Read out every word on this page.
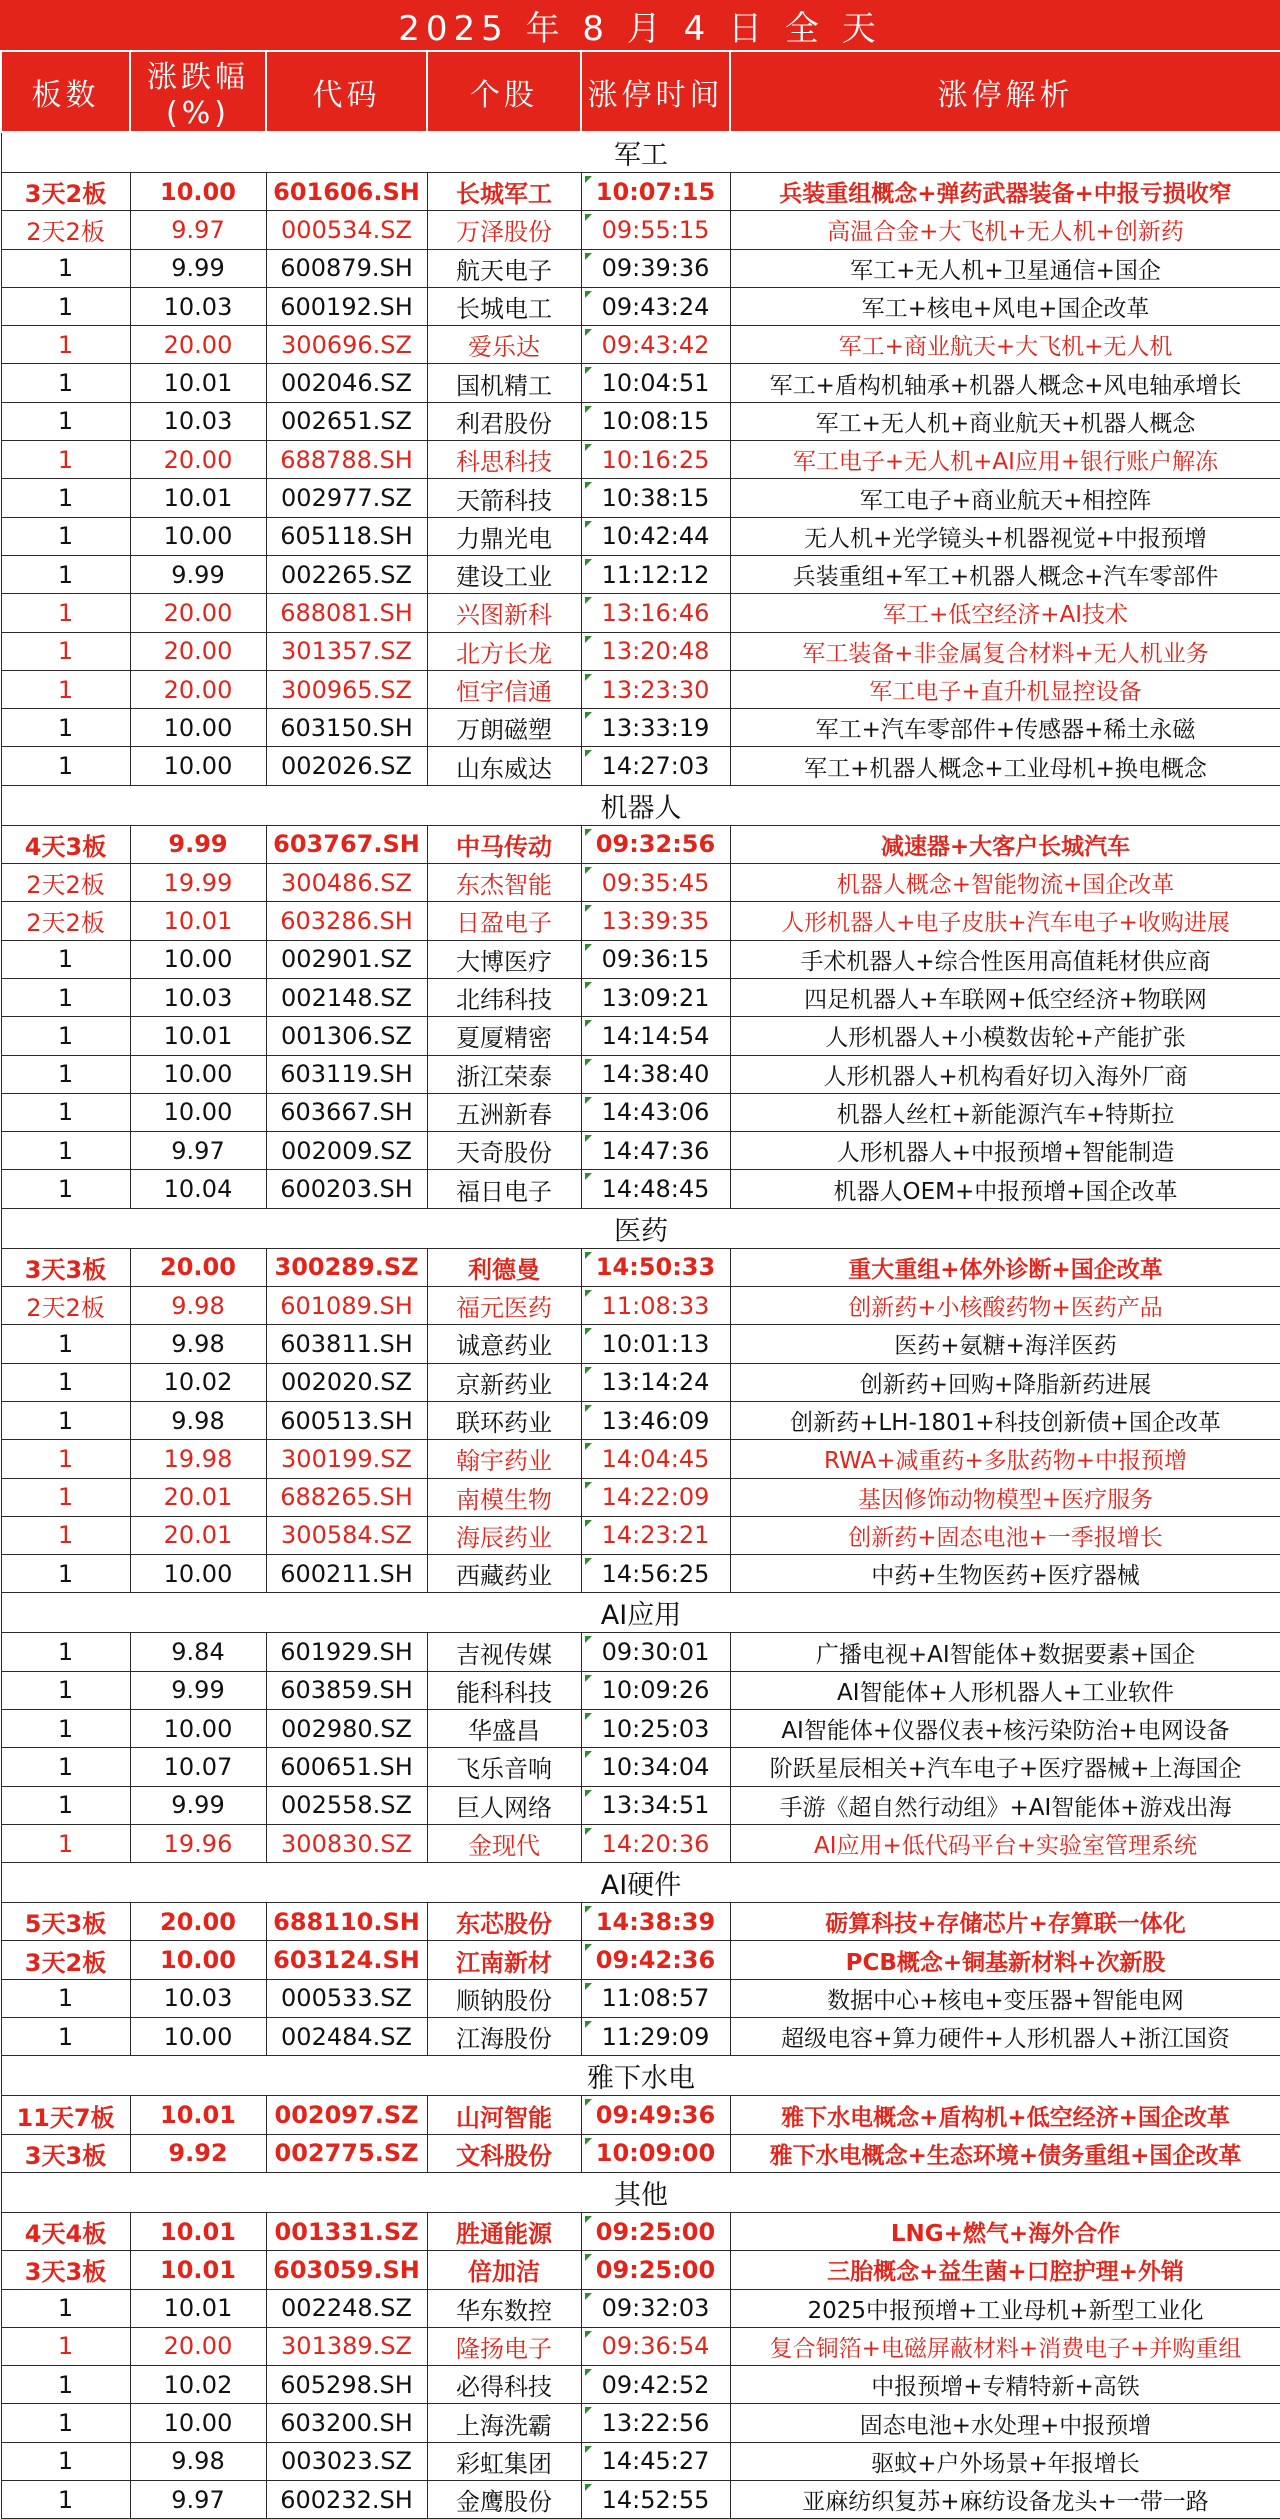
2025 年 8 月 4 日 全 天
板数	涨跌幅(%)	代码	个股	涨停时间	涨停解析
军工					
3天2板	10.00	601606.SH	长城军工	10:07:15	兵装重组概念+弹药武器装备+中报亏损收窄
2天2板	9.97	000534.SZ	万泽股份	09:55:15	高温合金+大飞机+无人机+创新药
1	9.99	600879.SH	航天电子	09:39:36	军工+无人机+卫星通信+国企
1	10.03	600192.SH	长城电工	09:43:24	军工+核电+风电+国企改革
1	20.00	300696.SZ	爱乐达	09:43:42	军工+商业航天+大飞机+无人机
1	10.01	002046.SZ	国机精工	10:04:51	军工+盾构机轴承+机器人概念+风电轴承增长
1	10.03	002651.SZ	利君股份	10:08:15	军工+无人机+商业航天+机器人概念
1	20.00	688788.SH	科思科技	10:16:25	军工电子+无人机+AI应用+银行账户解冻
1	10.01	002977.SZ	天箭科技	10:38:15	军工电子+商业航天+相控阵
1	10.00	605118.SH	力鼎光电	10:42:44	无人机+光学镜头+机器视觉+中报预增
1	9.99	002265.SZ	建设工业	11:12:12	兵装重组+军工+机器人概念+汽车零部件
1	20.00	688081.SH	兴图新科	13:16:46	军工+低空经济+AI技术
1	20.00	301357.SZ	北方长龙	13:20:48	军工装备+非金属复合材料+无人机业务
1	20.00	300965.SZ	恒宇信通	13:23:30	军工电子+直升机显控设备
1	10.00	603150.SH	万朗磁塑	13:33:19	军工+汽车零部件+传感器+稀土永磁
1	10.00	002026.SZ	山东威达	14:27:03	军工+机器人概念+工业母机+换电概念
机器人					
4天3板	9.99	603767.SH	中马传动	09:32:56	减速器+大客户长城汽车
2天2板	19.99	300486.SZ	东杰智能	09:35:45	机器人概念+智能物流+国企改革
2天2板	10.01	603286.SH	日盈电子	13:39:35	人形机器人+电子皮肤+汽车电子+收购进展
1	10.00	002901.SZ	大博医疗	09:36:15	手术机器人+综合性医用高值耗材供应商
1	10.03	002148.SZ	北纬科技	13:09:21	四足机器人+车联网+低空经济+物联网
1	10.01	001306.SZ	夏厦精密	14:14:54	人形机器人+小模数齿轮+产能扩张
1	10.00	603119.SH	浙江荣泰	14:38:40	人形机器人+机构看好切入海外厂商
1	10.00	603667.SH	五洲新春	14:43:06	机器人丝杠+新能源汽车+特斯拉
1	9.97	002009.SZ	天奇股份	14:47:36	人形机器人+中报预增+智能制造
1	10.04	600203.SH	福日电子	14:48:45	机器人OEM+中报预增+国企改革
医药					
3天3板	20.00	300289.SZ	利德曼	14:50:33	重大重组+体外诊断+国企改革
2天2板	9.98	601089.SH	福元医药	11:08:33	创新药+小核酸药物+医药产品
1	9.98	603811.SH	诚意药业	10:01:13	医药+氨糖+海洋医药
1	10.02	002020.SZ	京新药业	13:14:24	创新药+回购+降脂新药进展
1	9.98	600513.SH	联环药业	13:46:09	创新药+LH-1801+科技创新债+国企改革
1	19.98	300199.SZ	翰宇药业	14:04:45	RWA+减重药+多肽药物+中报预增
1	20.01	688265.SH	南模生物	14:22:09	基因修饰动物模型+医疗服务
1	20.01	300584.SZ	海辰药业	14:23:21	创新药+固态电池+一季报增长
1	10.00	600211.SH	西藏药业	14:56:25	中药+生物医药+医疗器械
AI应用					
1	9.84	601929.SH	吉视传媒	09:30:01	广播电视+AI智能体+数据要素+国企
1	9.99	603859.SH	能科科技	10:09:26	AI智能体+人形机器人+工业软件
1	10.00	002980.SZ	华盛昌	10:25:03	AI智能体+仪器仪表+核污染防治+电网设备
1	10.07	600651.SH	飞乐音响	10:34:04	阶跃星辰相关+汽车电子+医疗器械+上海国企
1	9.99	002558.SZ	巨人网络	13:34:51	手游《超自然行动组》+AI智能体+游戏出海
1	19.96	300830.SZ	金现代	14:20:36	AI应用+低代码平台+实验室管理系统
AI硬件					
5天3板	20.00	688110.SH	东芯股份	14:38:39	砺算科技+存储芯片+存算联一体化
3天2板	10.00	603124.SH	江南新材	09:42:36	PCB概念+铜基新材料+次新股
1	10.03	000533.SZ	顺钠股份	11:08:57	数据中心+核电+变压器+智能电网
1	10.00	002484.SZ	江海股份	11:29:09	超级电容+算力硬件+人形机器人+浙江国资
雅下水电					
11天7板	10.01	002097.SZ	山河智能	09:49:36	雅下水电概念+盾构机+低空经济+国企改革
3天3板	9.92	002775.SZ	文科股份	10:09:00	雅下水电概念+生态环境+债务重组+国企改革
其他					
4天4板	10.01	001331.SZ	胜通能源	09:25:00	LNG+燃气+海外合作
3天3板	10.01	603059.SH	倍加洁	09:25:00	三胎概念+益生菌+口腔护理+外销
1	10.01	002248.SZ	华东数控	09:32:03	2025中报预增+工业母机+新型工业化
1	20.00	301389.SZ	隆扬电子	09:36:54	复合铜箔+电磁屏蔽材料+消费电子+并购重组
1	10.02	605298.SH	必得科技	09:42:52	中报预增+专精特新+高铁
1	10.00	603200.SH	上海洗霸	13:22:56	固态电池+水处理+中报预增
1	9.98	003023.SZ	彩虹集团	14:45:27	驱蚊+户外场景+年报增长
1	9.97	600232.SH	金鹰股份	14:52:55	亚麻纺织复苏+麻纺设备龙头+一带一路
